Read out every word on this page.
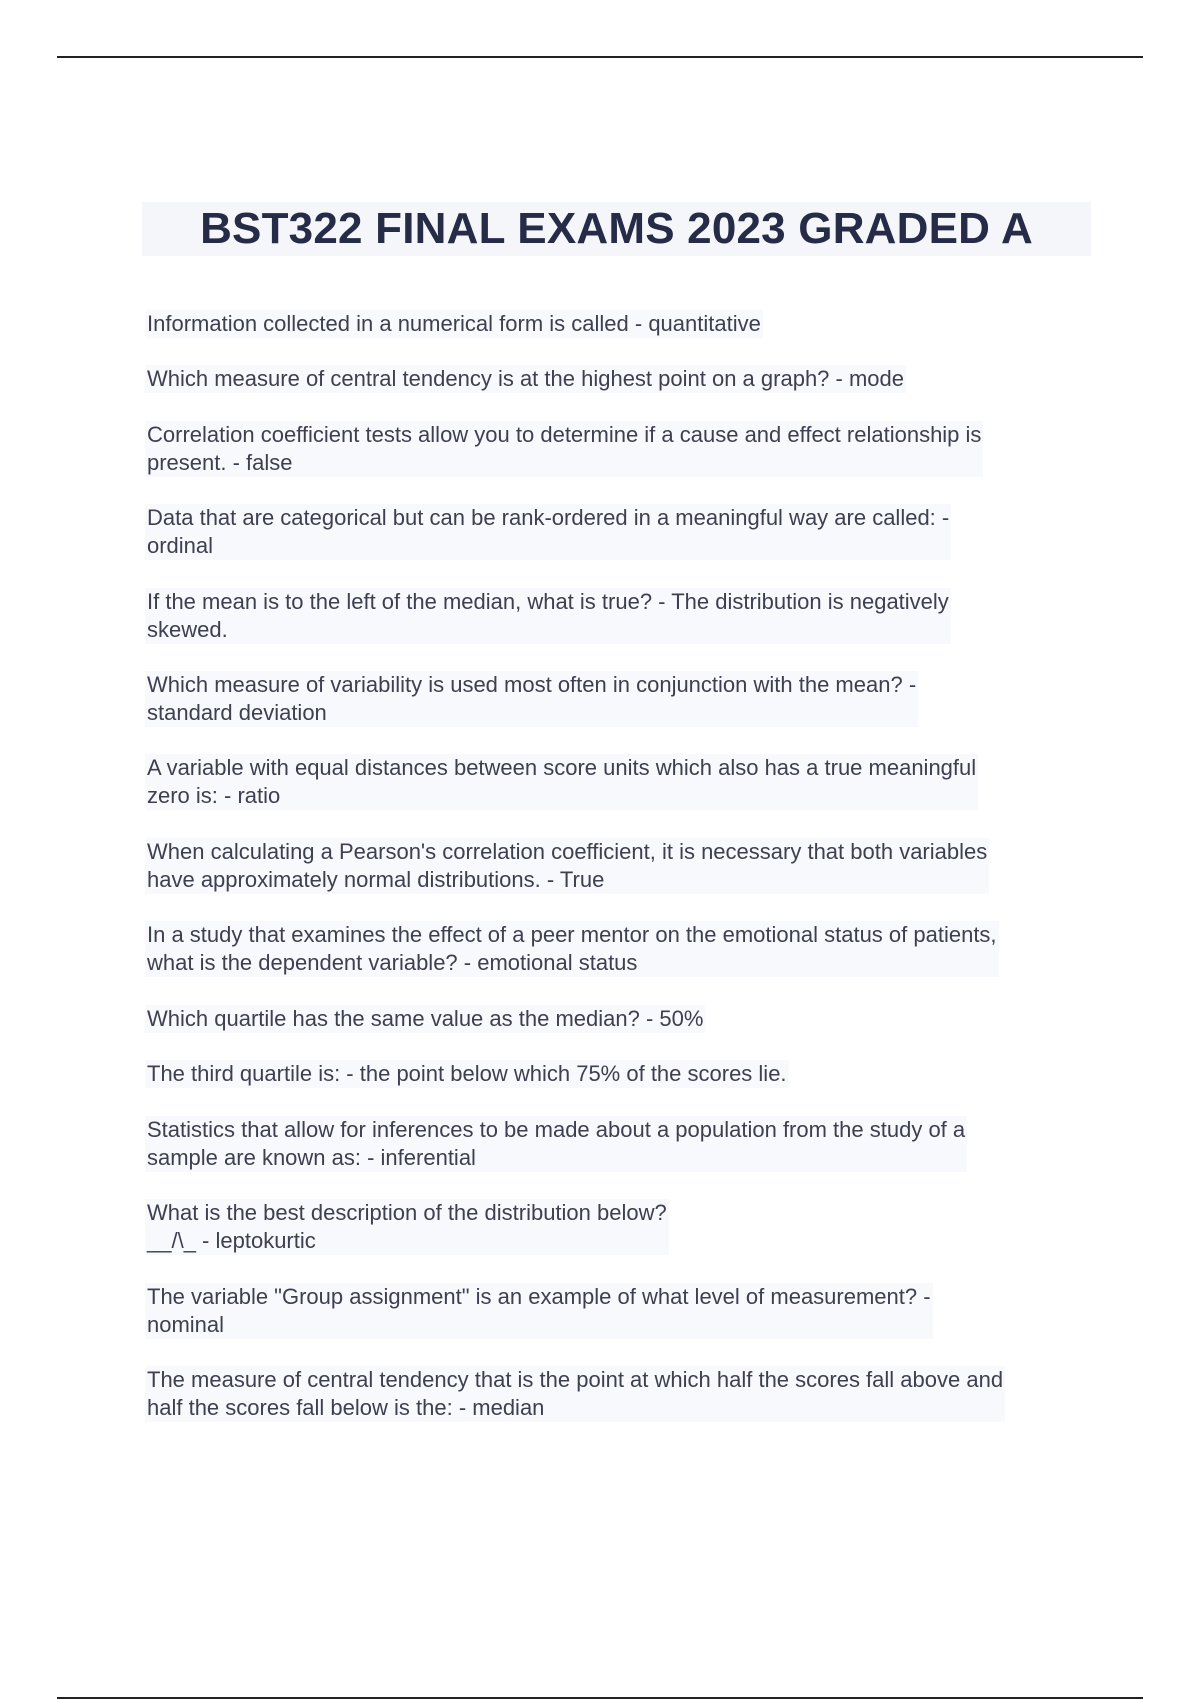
BST322 FINAL EXAMS 2023 GRADED A
Information collected in a numerical form is called - quantitative
Which measure of central tendency is at the highest point on a graph? - mode
Correlation coefficient tests allow you to determine if a cause and effect relationship is
present. - false
Data that are categorical but can be rank-ordered in a meaningful way are called: -
ordinal
If the mean is to the left of the median, what is true? - The distribution is negatively
skewed.
Which measure of variability is used most often in conjunction with the mean? -
standard deviation
A variable with equal distances between score units which also has a true meaningful
zero is: - ratio
When calculating a Pearson's correlation coefficient, it is necessary that both variables
have approximately normal distributions. - True
In a study that examines the effect of a peer mentor on the emotional status of patients,
what is the dependent variable? - emotional status
Which quartile has the same value as the median? - 50%
The third quartile is: - the point below which 75% of the scores lie.
Statistics that allow for inferences to be made about a population from the study of a
sample are known as: - inferential
What is the best description of the distribution below?
__/\_ - leptokurtic
The variable "Group assignment" is an example of what level of measurement? -
nominal
The measure of central tendency that is the point at which half the scores fall above and
half the scores fall below is the: - median
